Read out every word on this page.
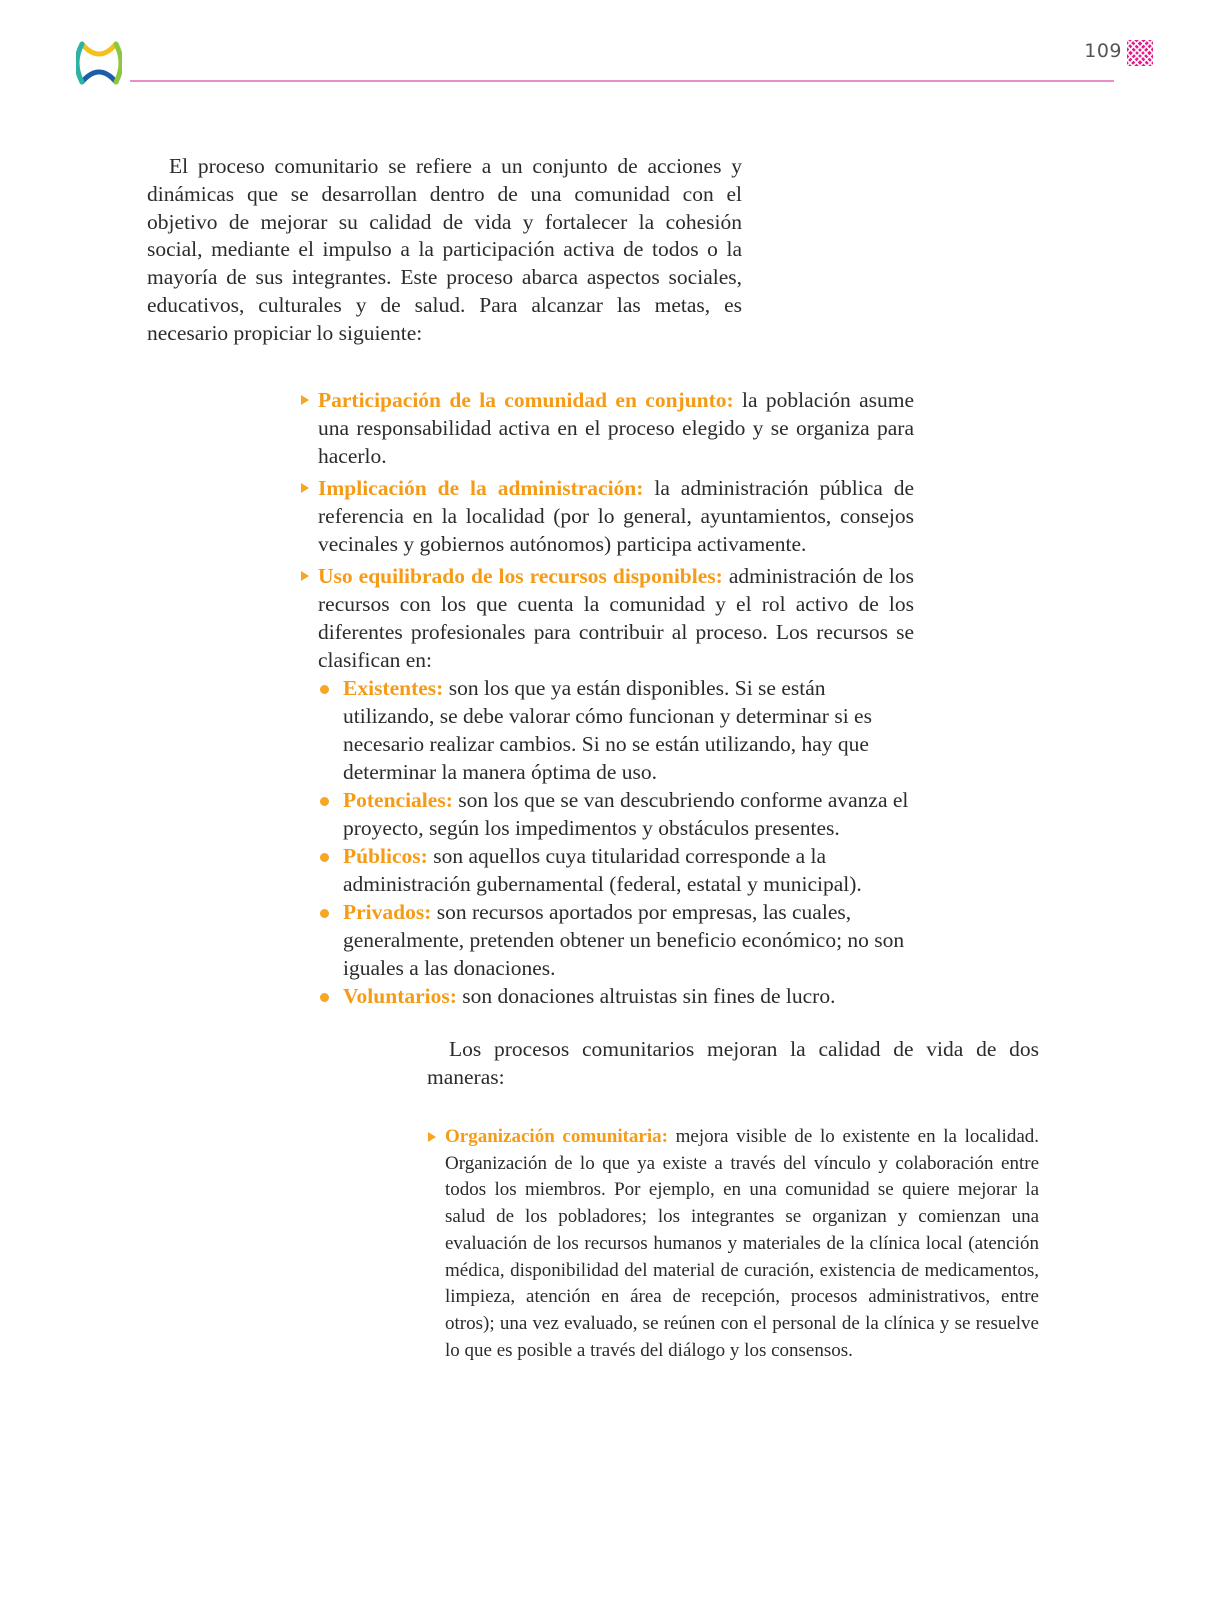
109

El proceso comunitario se refiere a un conjunto de acciones y dinámicas que se desarrollan dentro de una comunidad con el objetivo de mejorar su calidad de vida y fortalecer la cohesión social, mediante el impulso a la participación activa de todos o la mayoría de sus integrantes. Este proceso abarca aspectos sociales, educativos, culturales y de salud. Para alcanzar las metas, es necesario propiciar lo siguiente:

Participación de la comunidad en conjunto: la población asume una responsabilidad activa en el proceso elegido y se organiza para hacerlo.
Implicación de la administración: la administración pública de referencia en la localidad (por lo general, ayuntamientos, consejos vecinales y gobiernos autónomos) participa activamente.
Uso equilibrado de los recursos disponibles: administración de los recursos con los que cuenta la comunidad y el rol activo de los diferentes profesionales para contribuir al proceso. Los recursos se clasifican en:
Existentes: son los que ya están disponibles. Si se están utilizando, se debe valorar cómo funcionan y determinar si es necesario realizar cambios. Si no se están utilizando, hay que determinar la manera óptima de uso.
Potenciales: son los que se van descubriendo conforme avanza el proyecto, según los impedimentos y obstáculos presentes.
Públicos: son aquellos cuya titularidad corresponde a la administración gubernamental (federal, estatal y municipal).
Privados: son recursos aportados por empresas, las cuales, generalmente, pretenden obtener un beneficio económico; no son iguales a las donaciones.
Voluntarios: son donaciones altruistas sin fines de lucro.

Los procesos comunitarios mejoran la calidad de vida de dos maneras:

Organización comunitaria: mejora visible de lo existente en la localidad. Organización de lo que ya existe a través del vínculo y colaboración entre todos los miembros. Por ejemplo, en una comunidad se quiere mejorar la salud de los pobladores; los integrantes se organizan y comienzan una evaluación de los recursos humanos y materiales de la clínica local (atención médica, disponibilidad del material de curación, existencia de medicamentos, limpieza, atención en área de recepción, procesos administrativos, entre otros); una vez evaluado, se reúnen con el personal de la clínica y se resuelve lo que es posible a través del diálogo y los consensos.
